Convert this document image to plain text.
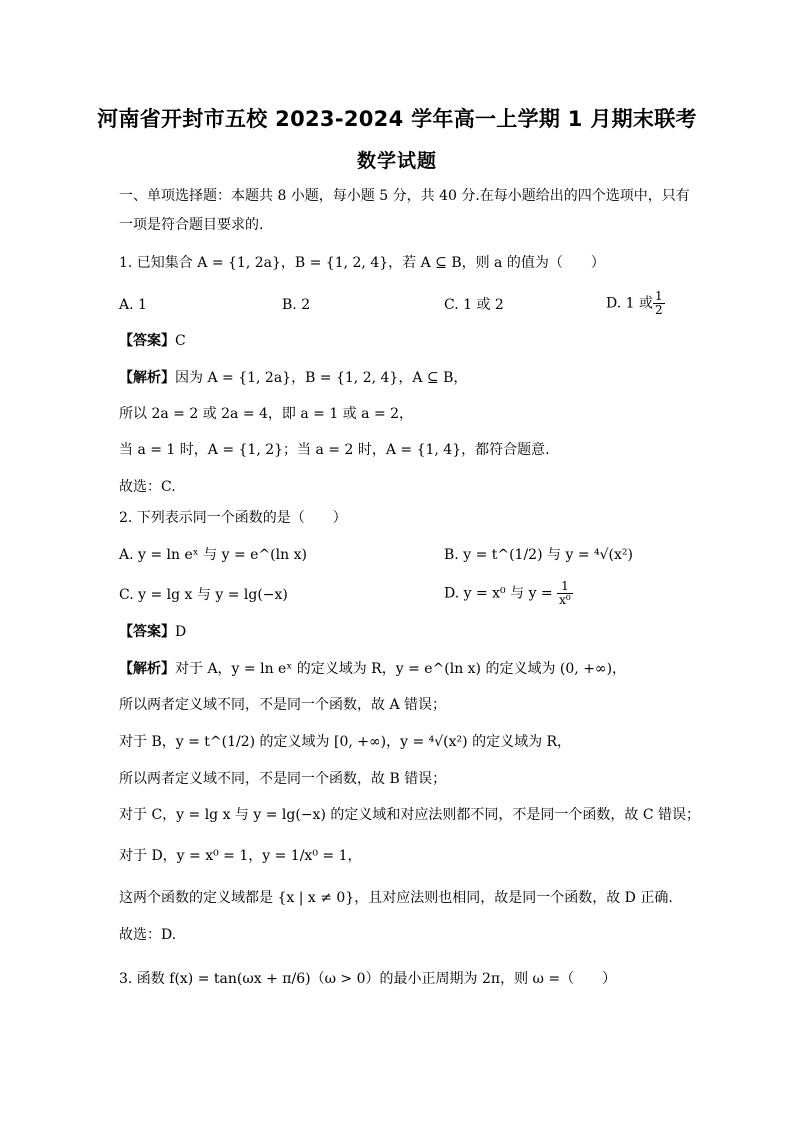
河南省开封市五校 2023-2024 学年高一上学期 1 月期末联考
数学试题
一、单项选择题：本题共 8 小题，每小题 5 分，共 40 分.在每小题给出的四个选项中，只有
一项是符合题目要求的.
1. 已知集合 A = {1, 2a}，B = {1, 2, 4}，若 A ⊆ B，则 a 的值为（　　）
A. 1	B. 2	C. 1 或 2	D. 1 或 $\frac{1}{2}$
【答案】C
【解析】因为 A = {1, 2a}，B = {1, 2, 4}，A ⊆ B，
所以 2a = 2 或 2a = 4，即 a = 1 或 a = 2，
当 a = 1 时，A = {1, 2}；当 a = 2 时，A = {1, 4}，都符合题意.
故选：C.
2. 下列表示同一个函数的是（　　）
A. y = ln eˣ 与 y = e^(ln x)	B. y = t^(1/2) 与 y = ⁴√(x²)
C. y = lg x 与 y = lg(−x)	D. y = x⁰ 与 $y = \frac{1}{\text{x⁰}}$
【答案】D
【解析】对于 A，y = ln eˣ 的定义域为 R，y = e^(ln x) 的定义域为 (0, +∞)，
所以两者定义域不同，不是同一个函数，故 A 错误；
对于 B，y = t^(1/2) 的定义域为 [0, +∞)，y = ⁴√(x²) 的定义域为 R，
所以两者定义域不同，不是同一个函数，故 B 错误；
对于 C，y = lg x 与 y = lg(−x) 的定义域和对应法则都不同，不是同一个函数，故 C 错误；
对于 D，y = x⁰ = 1，y = 1/x⁰ = 1，
这两个函数的定义域都是 {x | x ≠ 0}，且对应法则也相同，故是同一个函数，故 D 正确.
故选：D.
3. 函数 f(x) = tan(ωx + π/6)（ω > 0）的最小正周期为 2π，则 ω =（　　）
